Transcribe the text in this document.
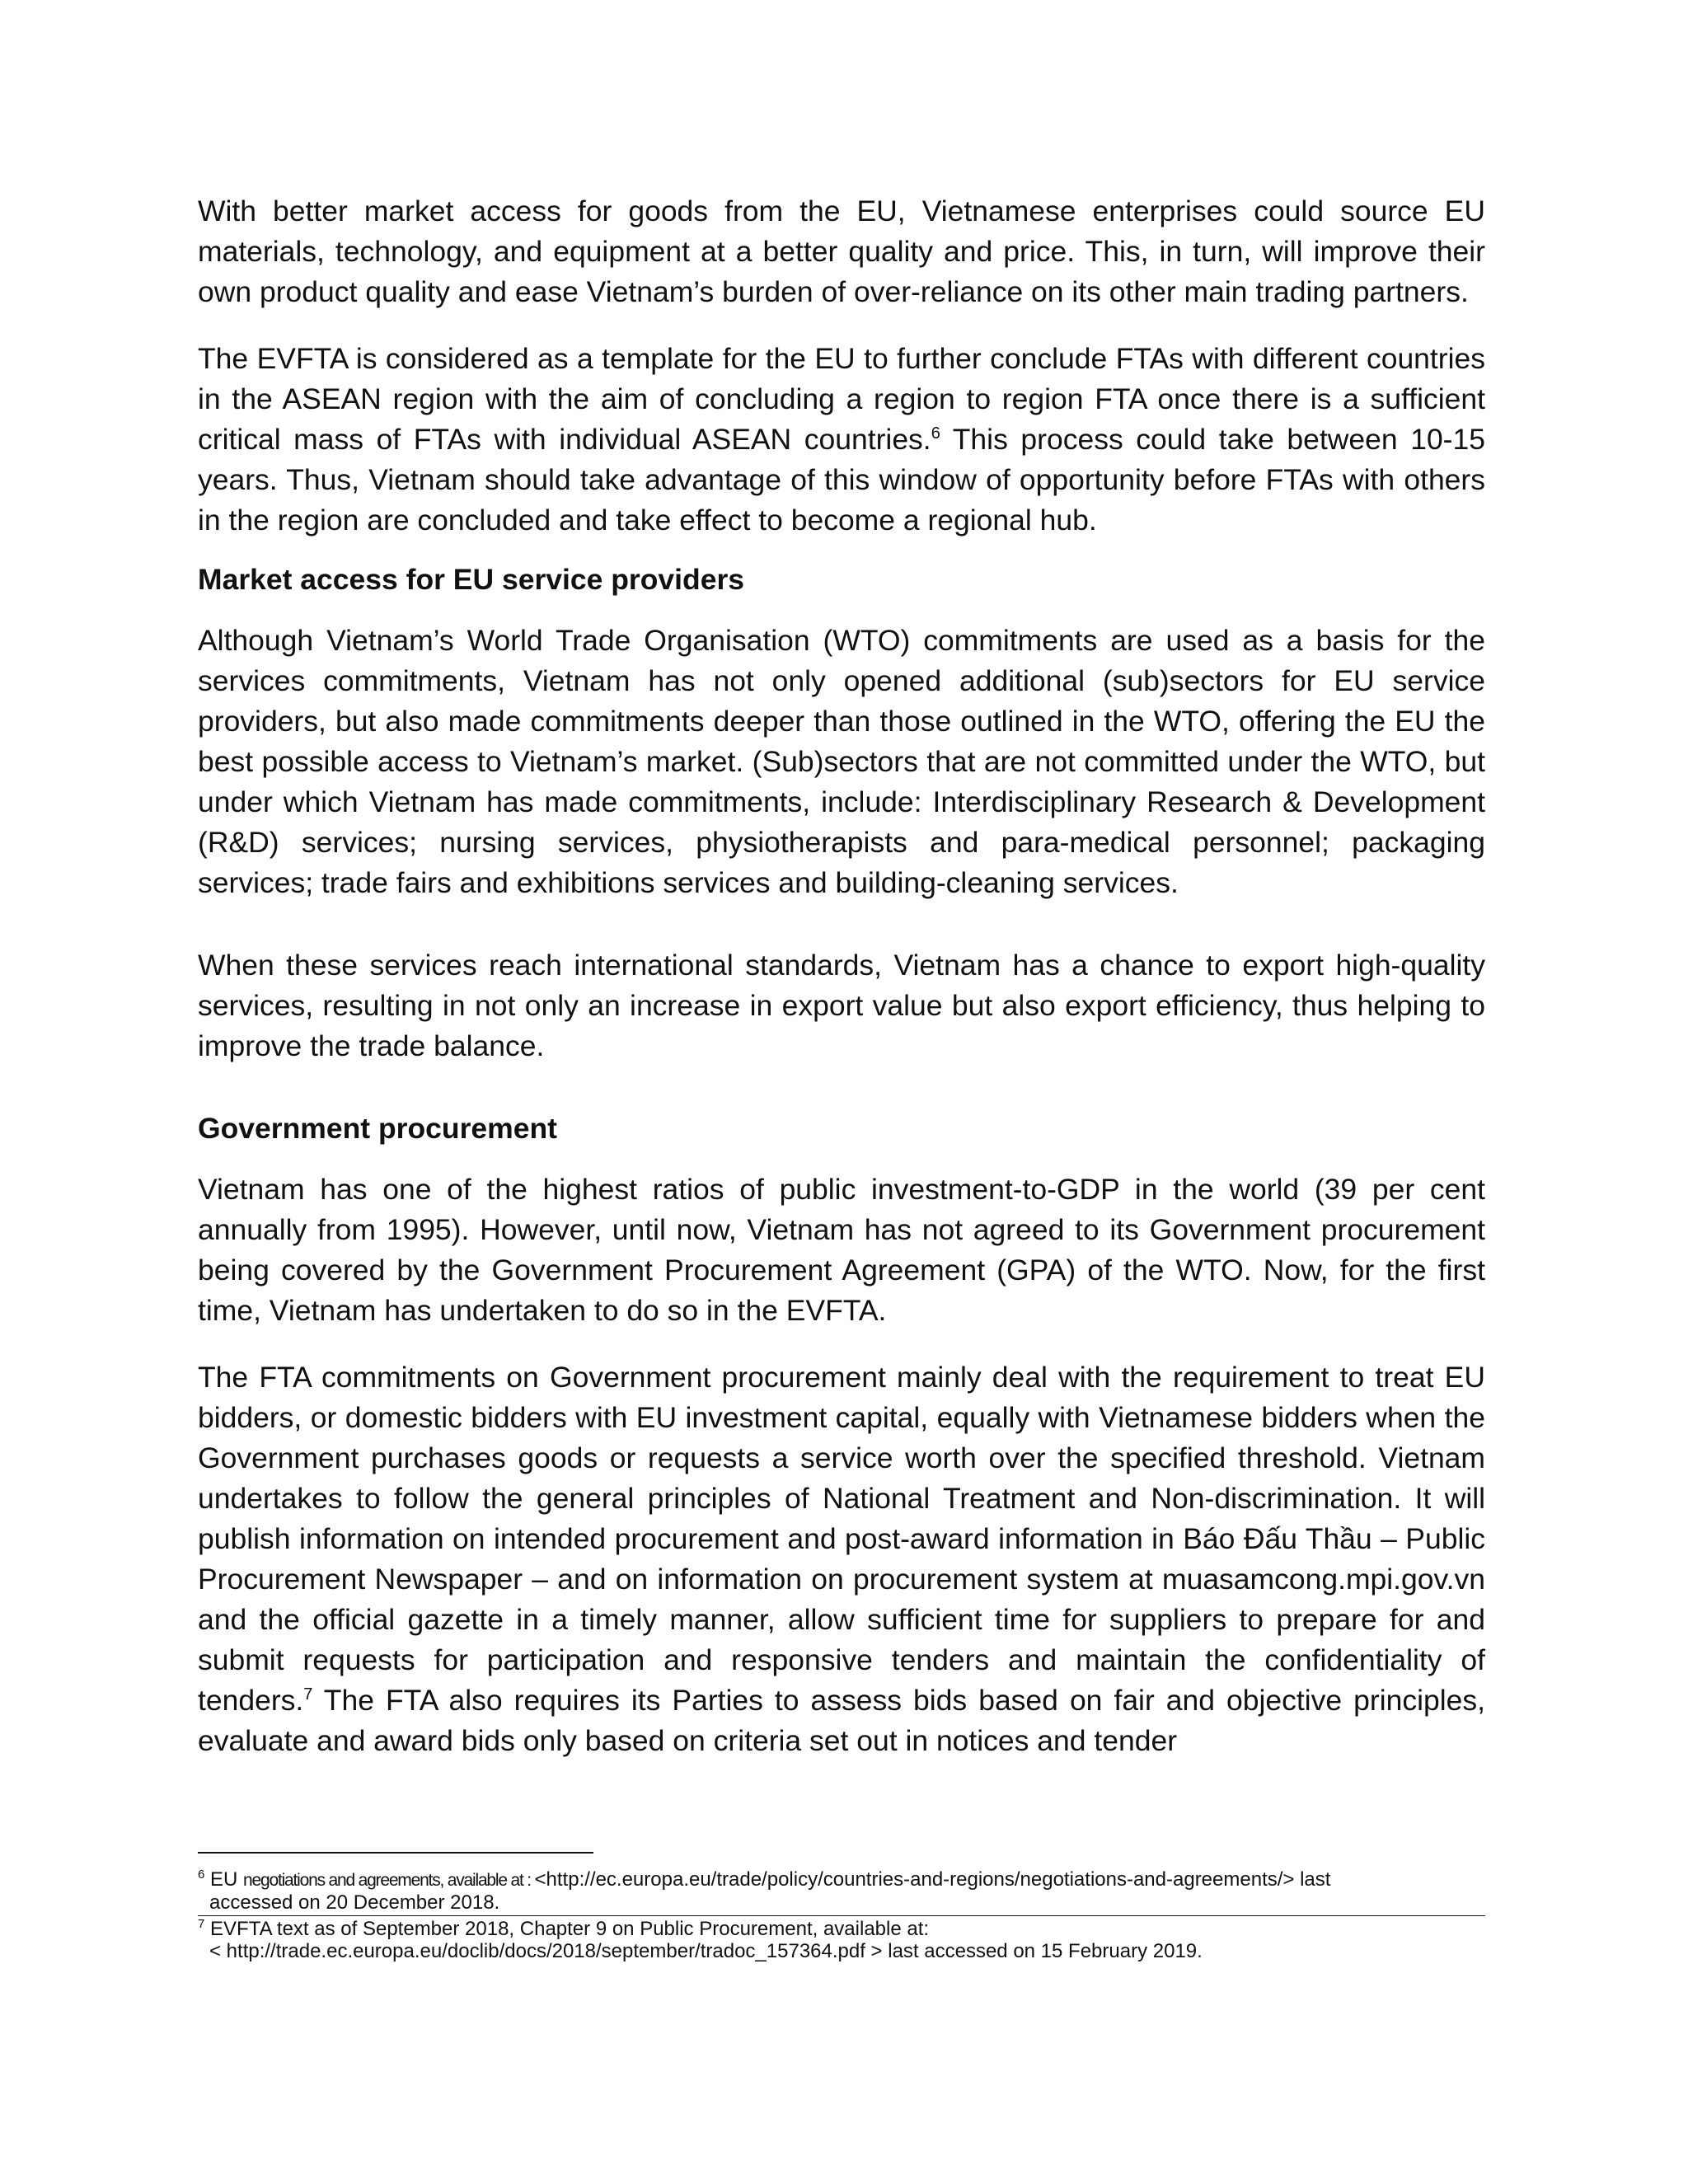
With better market access for goods from the EU, Vietnamese enterprises could source EU materials, technology, and equipment at a better quality and price. This, in turn, will improve their own product quality and ease Vietnam’s burden of over-reliance on its other main trading partners.

The EVFTA is considered as a template for the EU to further conclude FTAs with different countries in the ASEAN region with the aim of concluding a region to region FTA once there is a sufficient critical mass of FTAs with individual ASEAN countries.$^6$ This process could take between 10-15 years. Thus, Vietnam should take advantage of this window of opportunity before FTAs with others in the region are concluded and take effect to become a regional hub.

Market access for EU service providers

Although Vietnam’s World Trade Organisation (WTO) commitments are used as a basis for the services commitments, Vietnam has not only opened additional (sub)sectors for EU service providers, but also made commitments deeper than those outlined in the WTO, offering the EU the best possible access to Vietnam’s market. (Sub)sectors that are not committed under the WTO, but under which Vietnam has made commitments, include: Interdisciplinary Research & Development (R&D) services; nursing services, physiotherapists and para-medical personnel; packaging services; trade fairs and exhibitions services and building-cleaning services.

When these services reach international standards, Vietnam has a chance to export high-quality services, resulting in not only an increase in export value but also export efficiency, thus helping to improve the trade balance.

Government procurement

Vietnam has one of the highest ratios of public investment-to-GDP in the world (39 per cent annually from 1995). However, until now, Vietnam has not agreed to its Government procurement being covered by the Government Procurement Agreement (GPA) of the WTO. Now, for the first time, Vietnam has undertaken to do so in the EVFTA.

The FTA commitments on Government procurement mainly deal with the requirement to treat EU bidders, or domestic bidders with EU investment capital, equally with Vietnamese bidders when the Government purchases goods or requests a service worth over the specified threshold. Vietnam undertakes to follow the general principles of National Treatment and Non-discrimination. It will publish information on intended procurement and post-award information in Báo Đấu Thầu – Public Procurement Newspaper – and on information on procurement system at muasamcong.mpi.gov.vn and the official gazette in a timely manner, allow sufficient time for suppliers to prepare for and submit requests for participation and responsive tenders and maintain the confidentiality of tenders.$^7$ The FTA also requires its Parties to assess bids based on fair and objective principles, evaluate and award bids only based on criteria set out in notices and tender

$^6$ EU negotiations and agreements, available at : <http://ec.europa.eu/trade/policy/countries-and-regions/negotiations-and-agreements/> last
accessed on 20 December 2018.

$^7$ EVFTA text as of September 2018, Chapter 9 on Public Procurement, available at:
< http://trade.ec.europa.eu/doclib/docs/2018/september/tradoc_157364.pdf > last accessed on 15 February 2019.
